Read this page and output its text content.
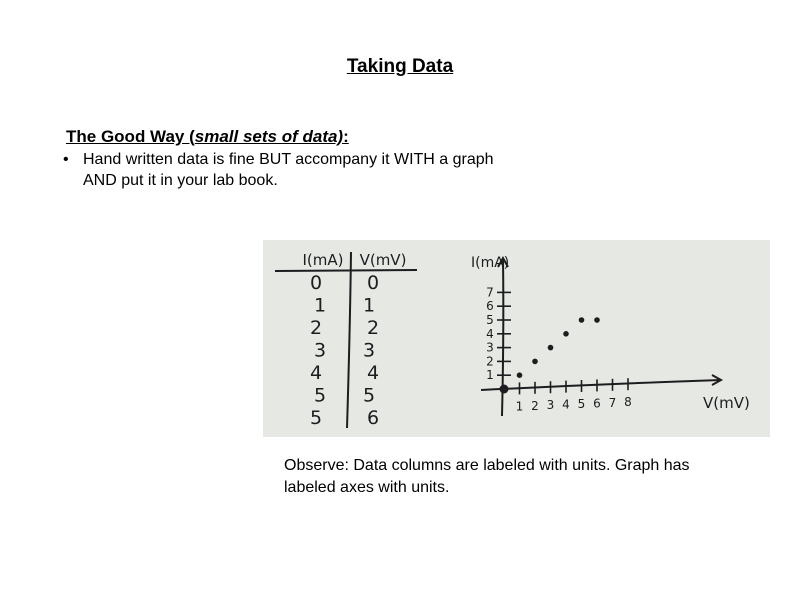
Taking Data

The Good Way (small sets of data):

• Hand written data is fine BUT accompany it WITH a graph
AND put it in your lab book.
I(mA) V(mV)
0 0
1 1
2 2
3 3
4 4
5 5
5 6
I(mA)
V(mV)
1 2 3 4 5 6 7 8
1
2
3
4
5
6
7

Observe: Data columns are labeled with units. Graph has
labeled axes with units.
